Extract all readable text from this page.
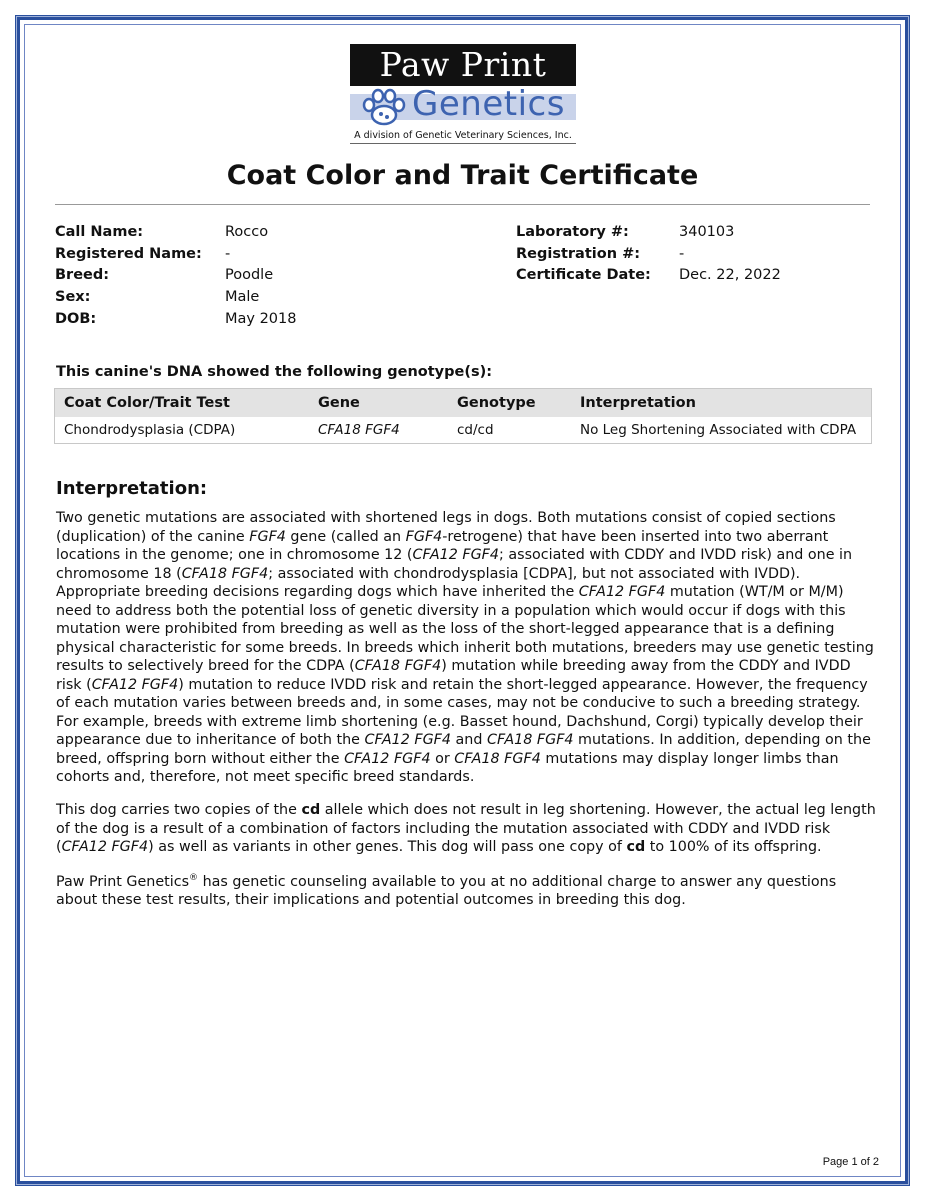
Paw Print
Genetics
A division of Genetic Veterinary Sciences, Inc.
Coat Color and Trait Certificate
Call Name:	Rocco
Registered Name: -
Breed:	Poodle
Sex:	Male
DOB:	May 2018
Laboratory #:	340103
Registration #:	-
Certificate Date: Dec. 22, 2022
This canine's DNA showed the following genotype(s):
Coat Color/Trait Test	Gene	Genotype	Interpretation
Chondrodysplasia (CDPA)	CFA18 FGF4	cd/cd	No Leg Shortening Associated with CDPA
Interpretation:

Two genetic mutations are associated with shortened legs in dogs. Both mutations consist of copied sections (duplication) of the canine FGF4 gene (called an FGF4-retrogene) that have been inserted into two aberrant locations in the genome; one in chromosome 12 (CFA12 FGF4; associated with CDDY and IVDD risk) and one in chromosome 18 (CFA18 FGF4; associated with chondrodysplasia [CDPA], but not associated with IVDD). Appropriate breeding decisions regarding dogs which have inherited the CFA12 FGF4 mutation (WT/M or M/M) need to address both the potential loss of genetic diversity in a population which would occur if dogs with this mutation were prohibited from breeding as well as the loss of the short-legged appearance that is a defining physical characteristic for some breeds. In breeds which inherit both mutations, breeders may use genetic testing results to selectively breed for the CDPA (CFA18 FGF4) mutation while breeding away from the CDDY and IVDD risk (CFA12 FGF4) mutation to reduce IVDD risk and retain the short-legged appearance. However, the frequency of each mutation varies between breeds and, in some cases, may not be conducive to such a breeding strategy. For example, breeds with extreme limb shortening (e.g. Basset hound, Dachshund, Corgi) typically develop their appearance due to inheritance of both the CFA12 FGF4 and CFA18 FGF4 mutations. In addition, depending on the breed, offspring born without either the CFA12 FGF4 or CFA18 FGF4 mutations may display longer limbs than cohorts and, therefore, not meet specific breed standards.

This dog carries two copies of the cd allele which does not result in leg shortening. However, the actual leg length of the dog is a result of a combination of factors including the mutation associated with CDDY and IVDD risk (CFA12 FGF4) as well as variants in other genes. This dog will pass one copy of cd to 100% of its offspring.

Paw Print Genetics® has genetic counseling available to you at no additional charge to answer any questions about these test results, their implications and potential outcomes in breeding this dog.

Page 1 of 2
